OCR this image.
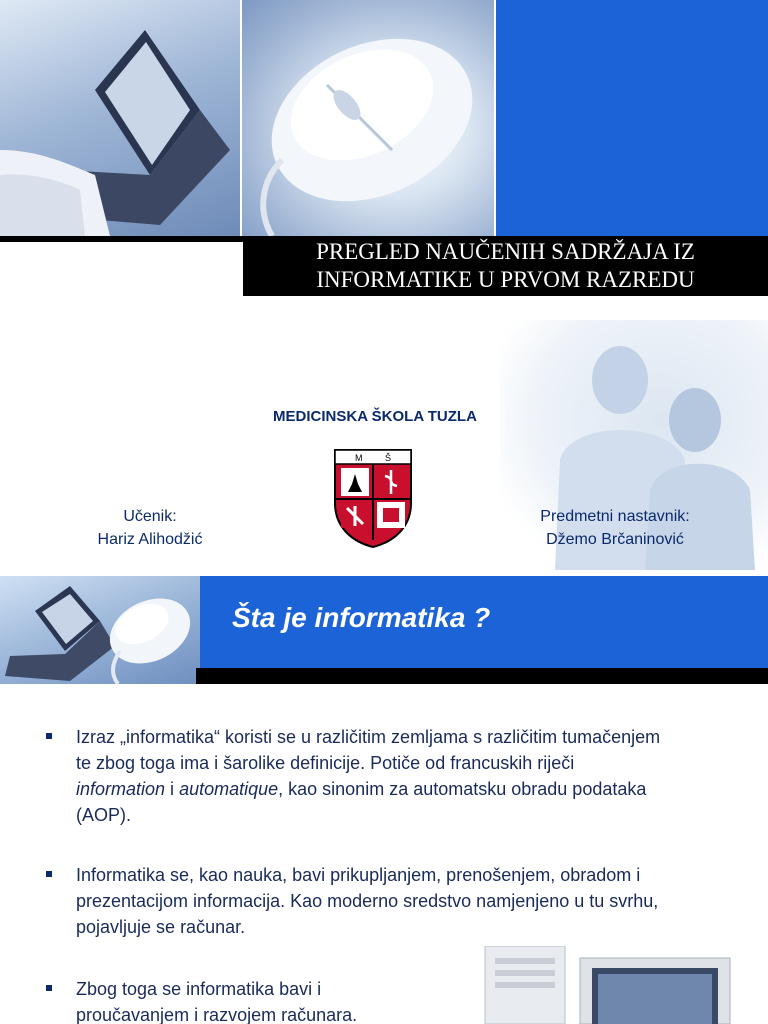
PREGLED NAUČENIH SADRŽAJA IZ
INFORMATIKE U PRVOM RAZREDU
MEDICINSKA ŠKOLA TUZLA
M	Š
Učenik:
Hariz Alihodžić
Predmetni nastavnik:
Džemo Brčaninović
Šta je informatika ?
Izraz „informatika“ koristi se u različitim zemljama s različitim tumačenjem te zbog toga ima i šarolike definicije. Potiče od francuskih riječi information i automatique, kao sinonim za automatsku obradu podataka (AOP).
Informatika se, kao nauka, bavi prikupljanjem, prenošenjem, obradom i prezentacijom informacija. Kao moderno sredstvo namjenjeno u tu svrhu, pojavljuje se računar.
Zbog toga se informatika bavi i proučavanjem i razvojem računara.
